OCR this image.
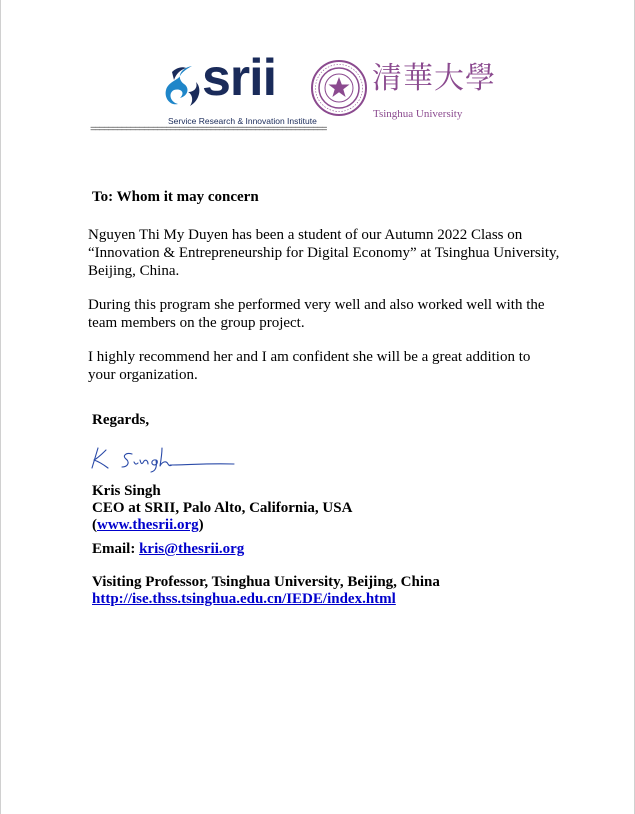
srii
Service Research & Innovation Institute
清華大學
Tsinghua University
=====================================================
To: Whom it may concern
Nguyen Thi My Duyen has been a student of our Autumn 2022 Class on
“Innovation & Entrepreneurship for Digital Economy” at Tsinghua University,
Beijing, China.
During this program she performed very well and also worked well with the
team members on the group project.
I highly recommend her and I am confident she will be a great addition to
your organization.
Regards,
Kris Singh
CEO at SRII, Palo Alto, California, USA
(www.thesrii.org)
Email: kris@thesrii.org
Visiting Professor, Tsinghua University, Beijing, China
http://ise.thss.tsinghua.edu.cn/IEDE/index.html
